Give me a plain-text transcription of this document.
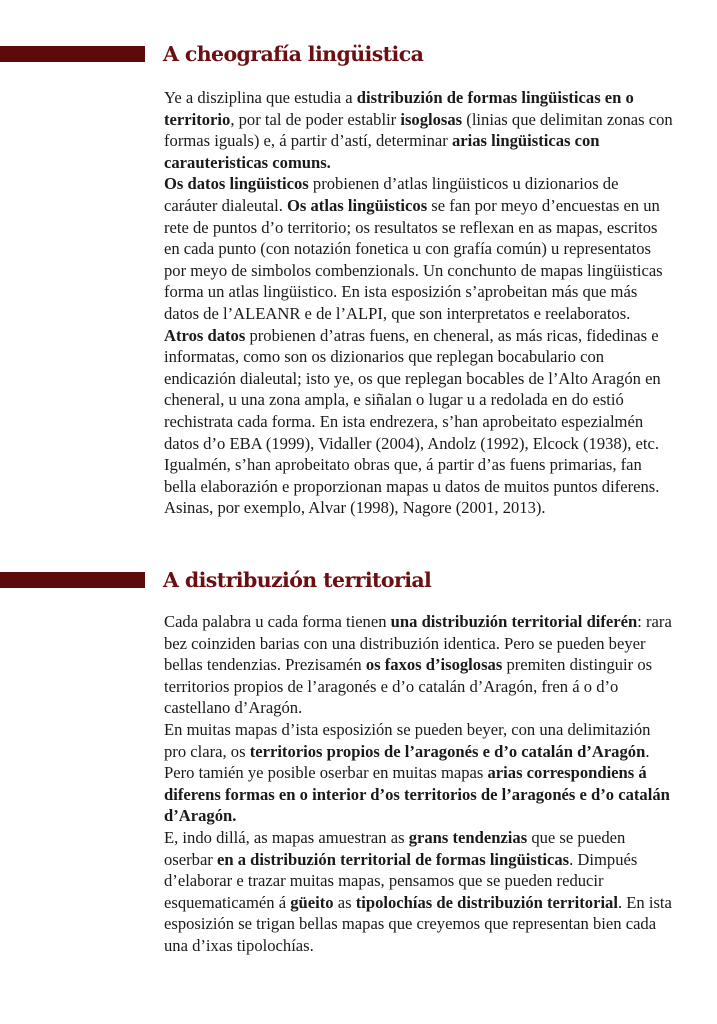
A cheografía lingüistica

Ye a disziplina que estudia a distribuzión de formas lingüisticas en o territorio, por tal de poder establir isoglosas (linias que delimitan zonas con formas iguals) e, á partir d’astí, determinar arias lingüisticas con carauteristicas comuns.

Os datos lingüisticos probienen d’atlas lingüisticos u dizionarios de caráuter dialeutal. Os atlas lingüisticos se fan por meyo d’encuestas en un rete de puntos d’o territorio; os resultatos se reflexan en as mapas, escritos en cada punto (con notazión fonetica u con grafía común) u representatos por meyo de simbolos combenzionals. Un conchunto de mapas lingüisticas forma un atlas lingüistico. En ista esposizión s’aprobeitan más que más datos de l’ALEANR e de l’ALPI, que son interpretatos e reelaboratos.

Atros datos probienen d’atras fuens, en cheneral, as más ricas, fidedinas e informatas, como son os dizionarios que replegan bocabulario con endicazión dialeutal; isto ye, os que replegan bocables de l’Alto Aragón en cheneral, u una zona ampla, e siñalan o lugar u a redolada en do estió rechistrata cada forma. En ista endrezera, s’han aprobeitato espezialmén datos d’o EBA (1999), Vidaller (2004), Andolz (1992), Elcock (1938), etc. Igualmén, s’han aprobeitato obras que, á partir d’as fuens primarias, fan bella elaborazión e proporzionan mapas u datos de muitos puntos diferens. Asinas, por exemplo, Alvar (1998), Nagore (2001, 2013).

A distribuzión territorial

Cada palabra u cada forma tienen una distribuzión territorial diferén: rara bez coinziden barias con una distribuzión identica. Pero se pueden beyer bellas tendenzias. Prezisamén os faxos d’isoglosas premiten distinguir os territorios propios de l’aragonés e d’o catalán d’Aragón, fren á o d’o castellano d’Aragón.

En muitas mapas d’ista esposizión se pueden beyer, con una delimitazión pro clara, os territorios propios de l’aragonés e d’o catalán d’Aragón. Pero tamién ye posible oserbar en muitas mapas arias correspondiens á diferens formas en o interior d’os territorios de l’aragonés e d’o catalán d’Aragón.

E, indo dillá, as mapas amuestran as grans tendenzias que se pueden oserbar en a distribuzión territorial de formas lingüisticas. Dimpués d’elaborar e trazar muitas mapas, pensamos que se pueden reducir esquematicamén á güeito as tipolochías de distribuzión territorial. En ista esposizión se trigan bellas mapas que creyemos que representan bien cada una d’ixas tipolochías.
